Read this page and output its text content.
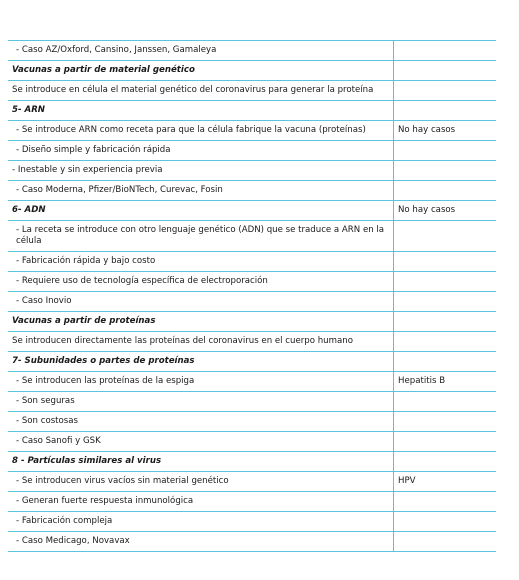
- Caso AZ/Oxford, Cansino, Janssen, Gamaleya	
Vacunas a partir de material genético	
Se introduce en célula el material genético del coronavirus para generar la proteína	
5- ARN	
- Se introduce ARN como receta para que la célula fabrique la vacuna (proteínas)	No hay casos
- Diseño simple y fabricación rápida	
- Inestable y sin experiencia previa	
- Caso Moderna, Pfizer/BioNTech, Curevac, Fosin	
6- ADN	No hay casos
- La receta se introduce con otro lenguaje genético (ADN) que se traduce a ARN en la célula	
- Fabricación rápida y bajo costo	
- Requiere uso de tecnología específica de electroporación	
- Caso Inovio	
Vacunas a partir de proteínas	
Se introducen directamente las proteínas del coronavirus en el cuerpo humano	
7- Subunidades o partes de proteínas	
- Se introducen las proteínas de la espiga	Hepatitis B
- Son seguras	
- Son costosas	
- Caso Sanofi y GSK	
8 - Partículas similares al virus	
- Se introducen virus vacíos sin material genético	HPV
- Generan fuerte respuesta inmunológica	
- Fabricación compleja	
- Caso Medicago, Novavax	
